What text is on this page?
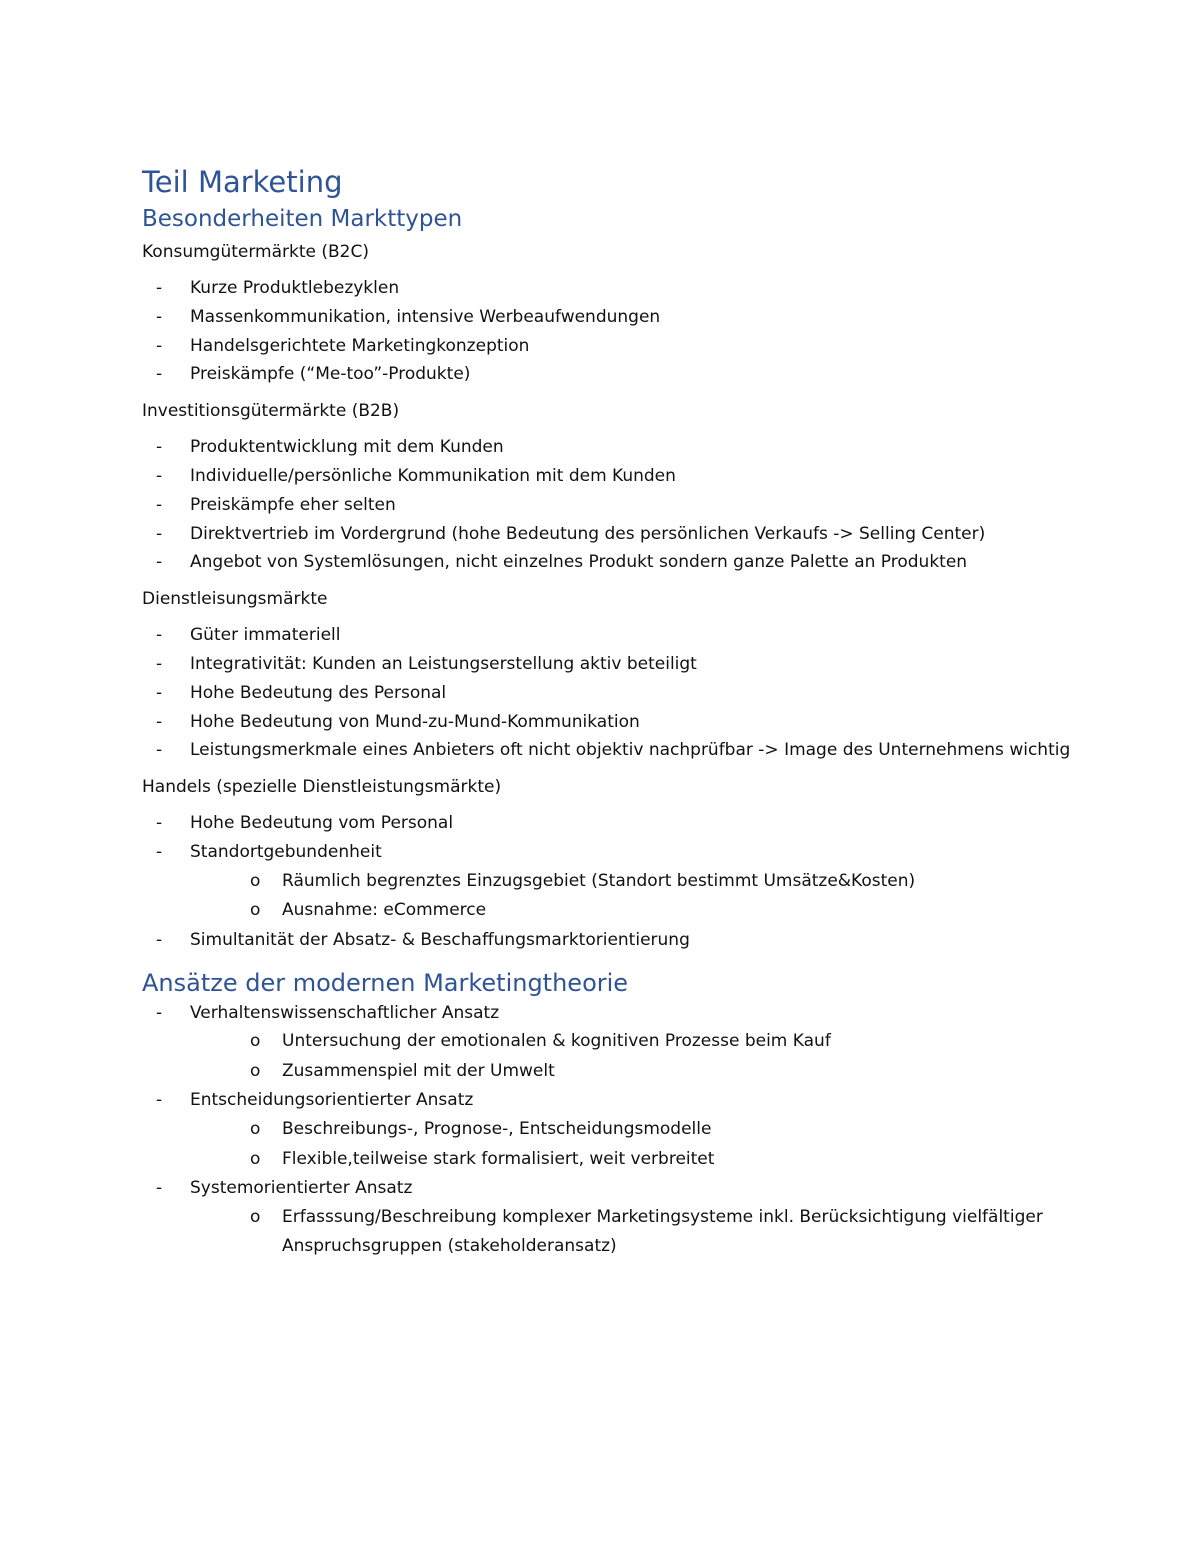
Teil Marketing
Besonderheiten Markttypen
Konsumgütermärkte (B2C)
- Kurze Produktlebezyklen
- Massenkommunikation, intensive Werbeaufwendungen
- Handelsgerichtete Marketingkonzeption
- Preiskämpfe (“Me-too”-Produkte)
Investitionsgütermärkte (B2B)
- Produktentwicklung mit dem Kunden
- Individuelle/persönliche Kommunikation mit dem Kunden
- Preiskämpfe eher selten
- Direktvertrieb im Vordergrund (hohe Bedeutung des persönlichen Verkaufs -> Selling Center)
- Angebot von Systemlösungen, nicht einzelnes Produkt sondern ganze Palette an Produkten
Dienstleisungsmärkte
- Güter immateriell
- Integrativität: Kunden an Leistungserstellung aktiv beteiligt
- Hohe Bedeutung des Personal
- Hohe Bedeutung von Mund-zu-Mund-Kommunikation
- Leistungsmerkmale eines Anbieters oft nicht objektiv nachprüfbar -> Image des Unternehmens wichtig
Handels (spezielle Dienstleistungsmärkte)
- Hohe Bedeutung vom Personal
- Standortgebundenheit
o Räumlich begrenztes Einzugsgebiet (Standort bestimmt Umsätze&Kosten)
o Ausnahme: eCommerce
- Simultanität der Absatz- & Beschaffungsmarktorientierung
Ansätze der modernen Marketingtheorie
- Verhaltenswissenschaftlicher Ansatz
o Untersuchung der emotionalen & kognitiven Prozesse beim Kauf
o Zusammenspiel mit der Umwelt
- Entscheidungsorientierter Ansatz
o Beschreibungs-, Prognose-, Entscheidungsmodelle
o Flexible,teilweise stark formalisiert, weit verbreitet
- Systemorientierter Ansatz
o Erfasssung/Beschreibung komplexer Marketingsysteme inkl. Berücksichtigung vielfältiger Anspruchsgruppen (stakeholderansatz)
